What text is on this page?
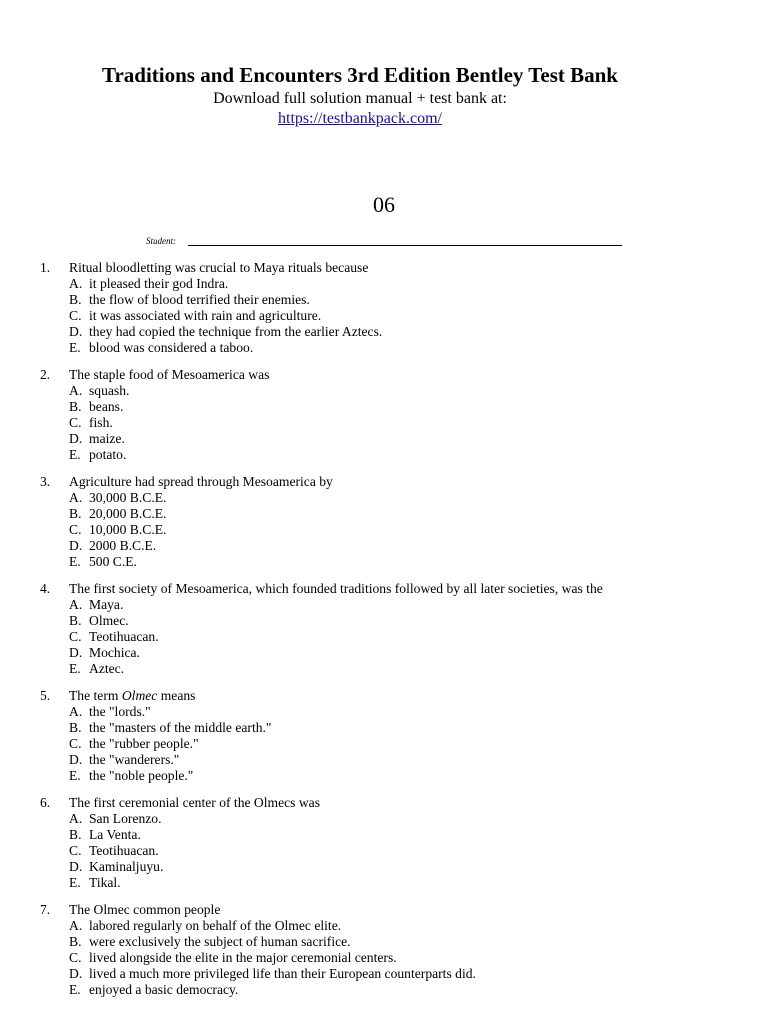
Traditions and Encounters 3rd Edition Bentley Test Bank
Download full solution manual + test bank at:
https://testbankpack.com/
06
Student:
1.	Ritual bloodletting was crucial to Maya rituals because
A. it pleased their god Indra.
B. the flow of blood terrified their enemies.
C. it was associated with rain and agriculture.
D. they had copied the technique from the earlier Aztecs.
E. blood was considered a taboo.
2.	The staple food of Mesoamerica was
A. squash.
B. beans.
C. fish.
D. maize.
E. potato.
3.	Agriculture had spread through Mesoamerica by
A. 30,000 B.C.E.
B. 20,000 B.C.E.
C. 10,000 B.C.E.
D. 2000 B.C.E.
E. 500 C.E.
4.	The first society of Mesoamerica, which founded traditions followed by all later societies, was the
A. Maya.
B. Olmec.
C. Teotihuacan.
D. Mochica.
E. Aztec.
5.	The term Olmec means
A. the "lords."
B. the "masters of the middle earth."
C. the "rubber people."
D. the "wanderers."
E. the "noble people."
6.	The first ceremonial center of the Olmecs was
A. San Lorenzo.
B. La Venta.
C. Teotihuacan.
D. Kaminaljuyu.
E. Tikal.
7.	The Olmec common people
A. labored regularly on behalf of the Olmec elite.
B. were exclusively the subject of human sacrifice.
C. lived alongside the elite in the major ceremonial centers.
D. lived a much more privileged life than their European counterparts did.
E. enjoyed a basic democracy.
